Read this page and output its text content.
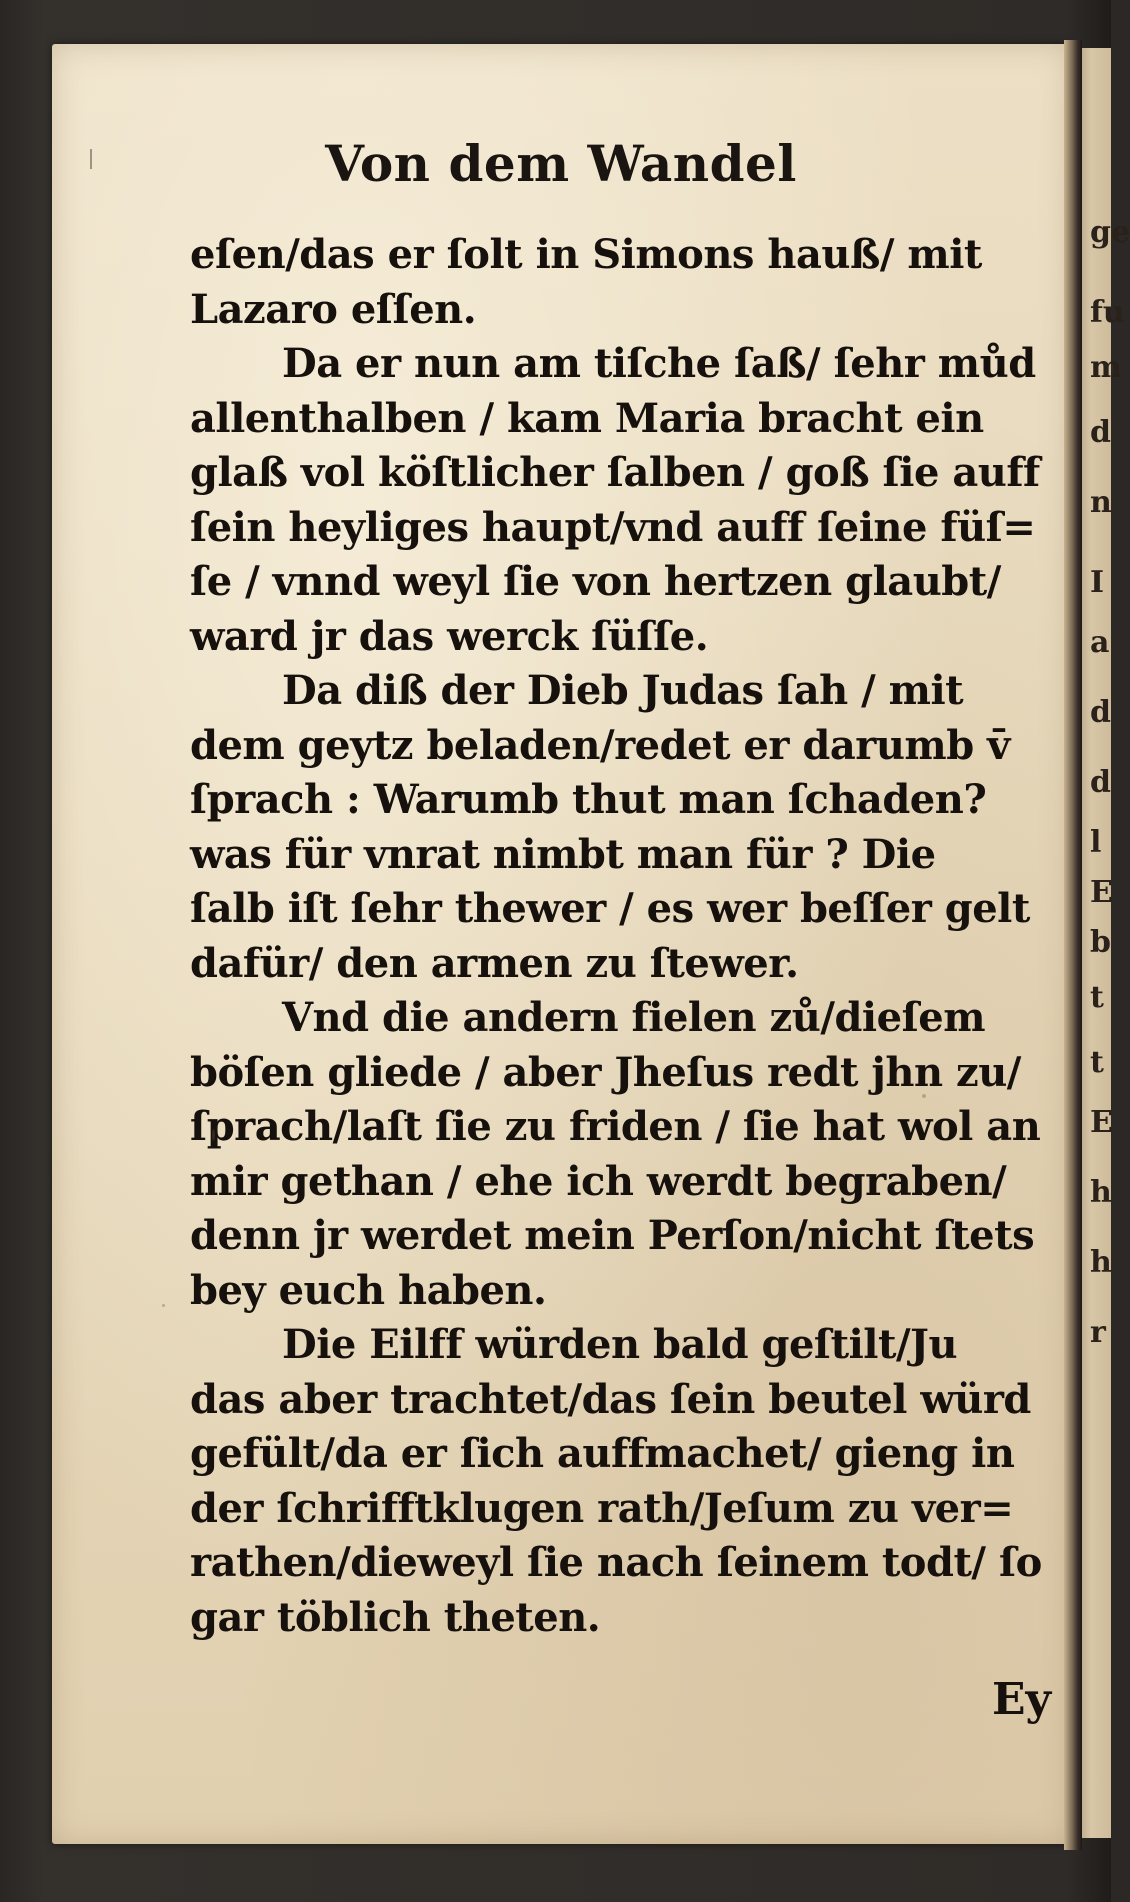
ge
fu
m
d
n
I
a
d
d
l
E
b
t
t
E
h
h
r
Von dem Wandel
eſen/das er ſolt in Simons hauß/ mit
Lazaro eſſen.
Da er nun am tiſche ſaß/ ſehr můd
allenthalben / kam Maria bracht ein
glaß vol köſtlicher ſalben / goß ſie auff
ſein heyliges haupt/vnd auff ſeine füſ=
ſe / vnnd weyl ſie von hertzen glaubt/
ward jr das werck ſüſſe.
Da diß der Dieb Judas ſah / mit
dem geytz beladen/redet er darumb v̄̄
ſprach : Warumb thut man ſchaden?
was für vnrat nimbt man für ? Die
ſalb iſt ſehr thewer / es wer beſſer gelt
dafür/ den armen zu ſtewer.
Vnd die andern fielen zů/dieſem
böſen gliede / aber Jheſus redt jhn zu/
ſprach/laſt ſie zu friden / ſie hat wol an
mir gethan / ehe ich werdt begraben/
denn jr werdet mein Perſon/nicht ſtets
bey euch haben.
Die Eilff würden bald geſtilt/Ju
das aber trachtet/das ſein beutel würd
gefült/da er ſich auffmachet/ gieng in
der ſchrifftklugen rath/Jeſum zu ver=
rathen/dieweyl ſie nach ſeinem todt/ ſo
gar töblich theten.
Ey
